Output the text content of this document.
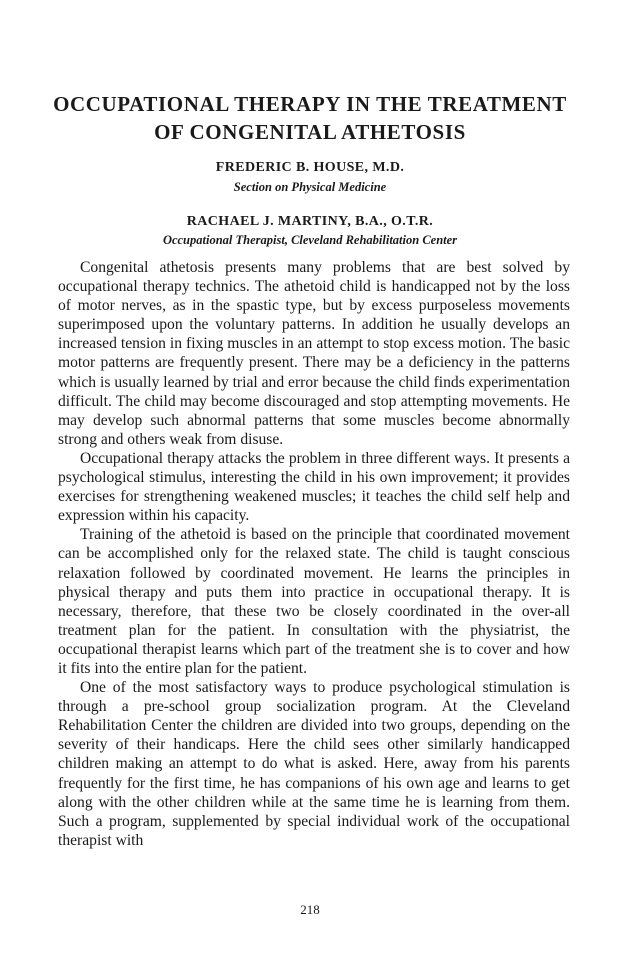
OCCUPATIONAL THERAPY IN THE TREATMENT
OF CONGENITAL ATHETOSIS
FREDERIC B. HOUSE, M.D.
Section on Physical Medicine
RACHAEL J. MARTINY, B.A., O.T.R.
Occupational Therapist, Cleveland Rehabilitation Center

Congenital athetosis presents many problems that are best solved by occupational therapy technics. The athetoid child is handicapped not by the loss of motor nerves, as in the spastic type, but by excess purposeless movements superimposed upon the voluntary patterns. In addition he usually develops an increased tension in fixing muscles in an attempt to stop excess motion. The basic motor patterns are frequently present. There may be a deficiency in the patterns which is usually learned by trial and error because the child finds experimentation difficult. The child may become discouraged and stop attempting movements. He may develop such abnormal patterns that some muscles become abnormally strong and others weak from disuse.

Occupational therapy attacks the problem in three different ways. It presents a psychological stimulus, interesting the child in his own improvement; it provides exercises for strengthening weakened muscles; it teaches the child self help and expression within his capacity.

Training of the athetoid is based on the principle that coordinated movement can be accomplished only for the relaxed state. The child is taught conscious relaxation followed by coordinated movement. He learns the principles in physical therapy and puts them into practice in occupational therapy. It is necessary, therefore, that these two be closely coordinated in the over-all treatment plan for the patient. In consultation with the physiatrist, the occupational therapist learns which part of the treatment she is to cover and how it fits into the entire plan for the patient.

One of the most satisfactory ways to produce psychological stimulation is through a pre-school group socialization program. At the Cleveland Rehabilitation Center the children are divided into two groups, depending on the severity of their handicaps. Here the child sees other similarly handicapped children making an attempt to do what is asked. Here, away from his parents frequently for the first time, he has companions of his own age and learns to get along with the other children while at the same time he is learning from them. Such a program, supplemented by special individual work of the occupational therapist with

218
